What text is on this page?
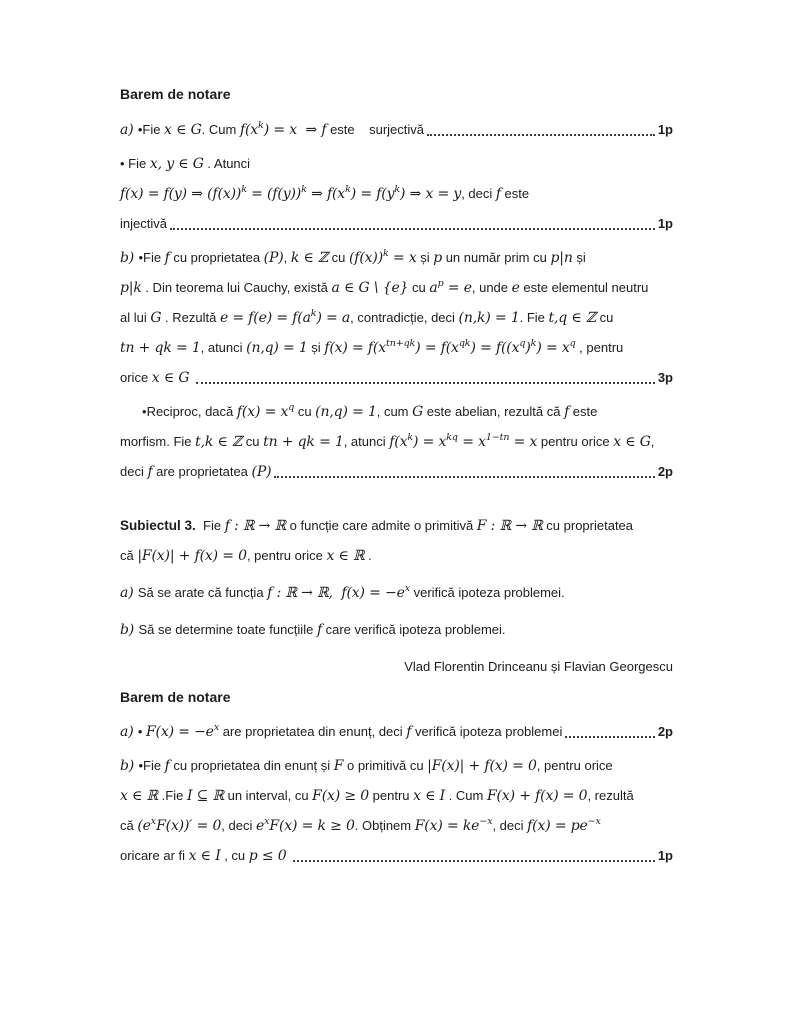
Barem de notare
a) • Fie x ∈ G . Cum f(x k ) = x  ⇒ f este    surjectivă	1p
• Fie x, y ∈ G . Atunci
f(x) = f(y) ⇒ (f(x)) k = (f(y)) k ⇒ f(x k ) = f(y k ) ⇒ x = y , deci f este
injectivă	1p
b) • Fie f cu proprietatea (P) , k ∈ ℤ cu (f(x)) k = x și p un număr prim cu p|n și
p|k . Din teorema lui Cauchy, există a ∈ G \ {e} cu a p = e , unde e este elementul neutru
al lui G . Rezultă e = f(e) = f(a k ) = a , contradicție, deci (n,k) = 1 . Fie t,q ∈ ℤ cu
tn + qk = 1 , atunci (n,q) = 1 și f(x) = f(x tn+qk ) = f(x qk ) = f((x q ) k ) = x q , pentru
orice x ∈ G
	3p
• Reciproc, dacă f(x) = x q cu (n,q) = 1 , cum G este abelian, rezultă că f este
morfism. Fie t,k ∈ ℤ cu tn + qk = 1 , atunci f(x k ) = x kq = x 1−tn = x pentru orice x ∈ G ,
deci f are proprietatea (P)	2p
Subiectul 3. Fie f : ℝ → ℝ o funcție care admite o primitivă F : ℝ → ℝ cu proprietatea
că |F(x)| + f(x) = 0 , pentru orice x ∈ ℝ .
a) Să se arate că funcția f : ℝ → ℝ,  f(x) = −e x verifică ipoteza problemei.
b) Să se determine toate funcțiile f care verifică ipoteza problemei.
Vlad Florentin Drinceanu și Flavian Georgescu
Barem de notare
a) • F(x) = −e x are proprietatea din enunț, deci f verifică ipoteza problemei	2p
b) • Fie f cu proprietatea din enunț și F o primitivă cu |F(x)| + f(x) = 0 , pentru orice
x ∈ ℝ .Fie I ⊆ ℝ un interval, cu F(x) ≥ 0 pentru x ∈ I . Cum F(x) + f(x) = 0 , rezultă
că (e x F(x))′ = 0 , deci e x F(x) = k ≥ 0 . Obținem F(x) = ke −x , deci f(x) = pe −x
oricare ar fi x ∈ I , cu p ≤ 0
	1p
